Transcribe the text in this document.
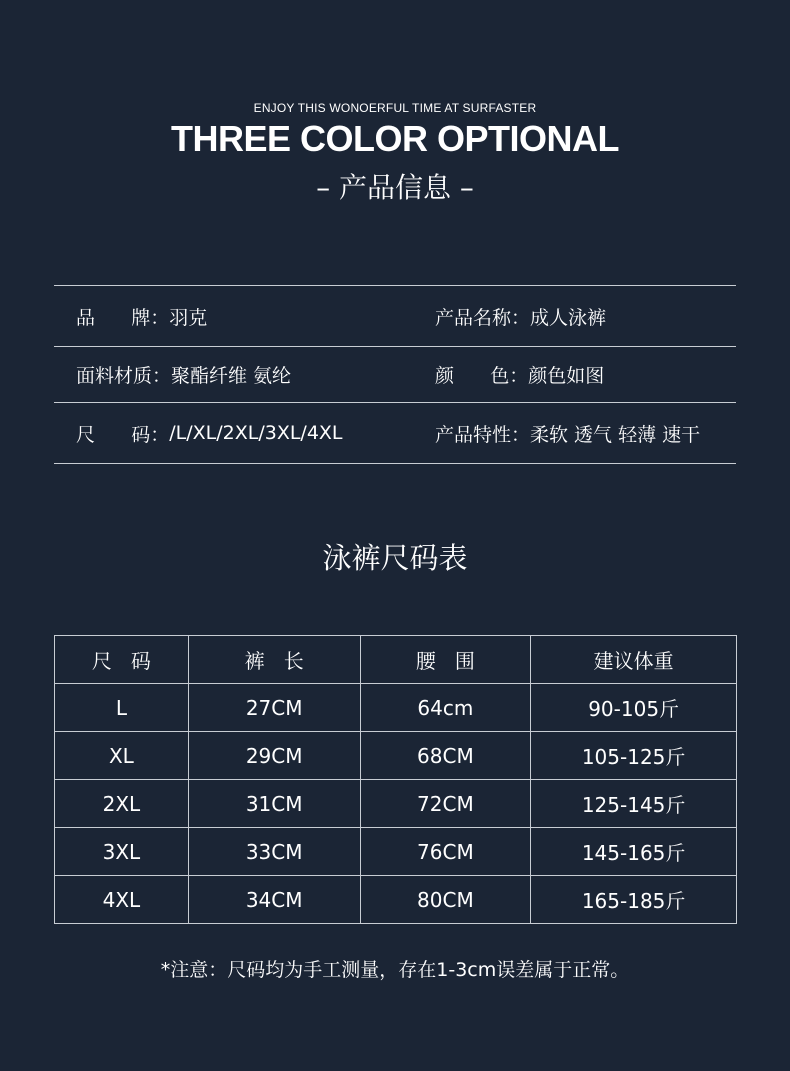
ENJOY THIS WONOERFUL TIME AT SURFASTER
THREE COLOR OPTIONAL
– 产品信息 –
品      牌： 羽克	产品名称： 成人泳裤
面料材质： 聚酯纤维 氨纶	颜      色： 颜色如图
尺      码： /L/XL/2XL/3XL/4XL	产品特性： 柔软 透气 轻薄 速干
泳裤尺码表
尺   码	裤   长	腰   围	建议体重
L	27CM	64cm	90-105斤
XL	29CM	68CM	105-125斤
2XL	31CM	72CM	125-145斤
3XL	33CM	76CM	145-165斤
4XL	34CM	80CM	165-185斤
*注意：尺码均为手工测量，存在1-3cm误差属于正常。
